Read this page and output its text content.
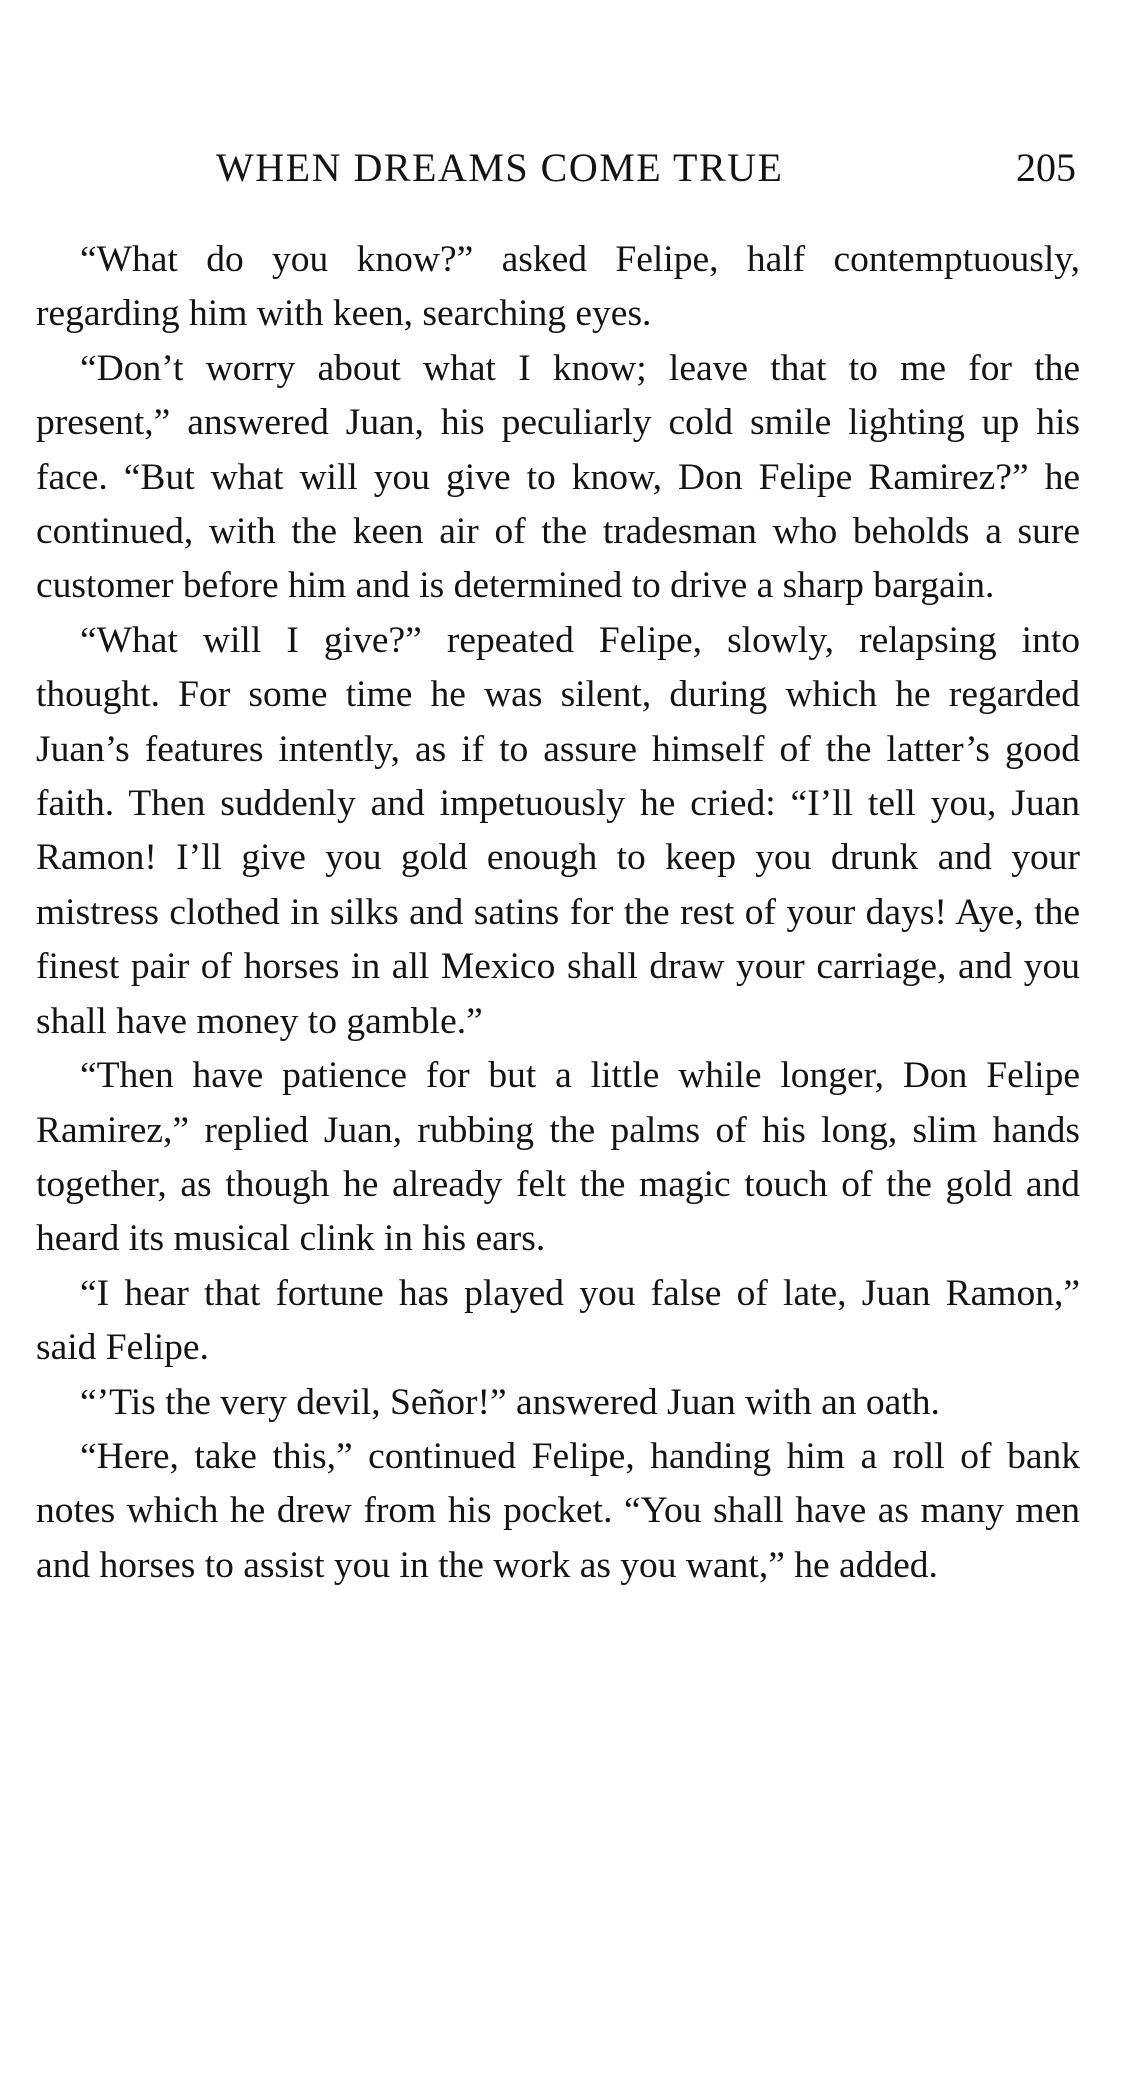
WHEN DREAMS COME TRUE	205

“What do you know?” asked Felipe, half contemptuously, regarding him with keen, searching eyes.

“Don’t worry about what I know; leave that to me for the present,” answered Juan, his peculiarly cold smile lighting up his face. “But what will you give to know, Don Felipe Ramirez?” he continued, with the keen air of the tradesman who beholds a sure customer before him and is determined to drive a sharp bargain.

“What will I give?” repeated Felipe, slowly, relapsing into thought. For some time he was silent, during which he regarded Juan’s features intently, as if to assure himself of the latter’s good faith. Then suddenly and impetuously he cried: “I’ll tell you, Juan Ramon! I’ll give you gold enough to keep you drunk and your mistress clothed in silks and satins for the rest of your days! Aye, the finest pair of horses in all Mexico shall draw your carriage, and you shall have money to gamble.”

“Then have patience for but a little while longer, Don Felipe Ramirez,” replied Juan, rubbing the palms of his long, slim hands together, as though he already felt the magic touch of the gold and heard its musical clink in his ears.

“I hear that fortune has played you false of late, Juan Ramon,” said Felipe.

“’Tis the very devil, Señor!” answered Juan with an oath.

“Here, take this,” continued Felipe, handing him a roll of bank notes which he drew from his pocket. “You shall have as many men and horses to assist you in the work as you want,” he added.
